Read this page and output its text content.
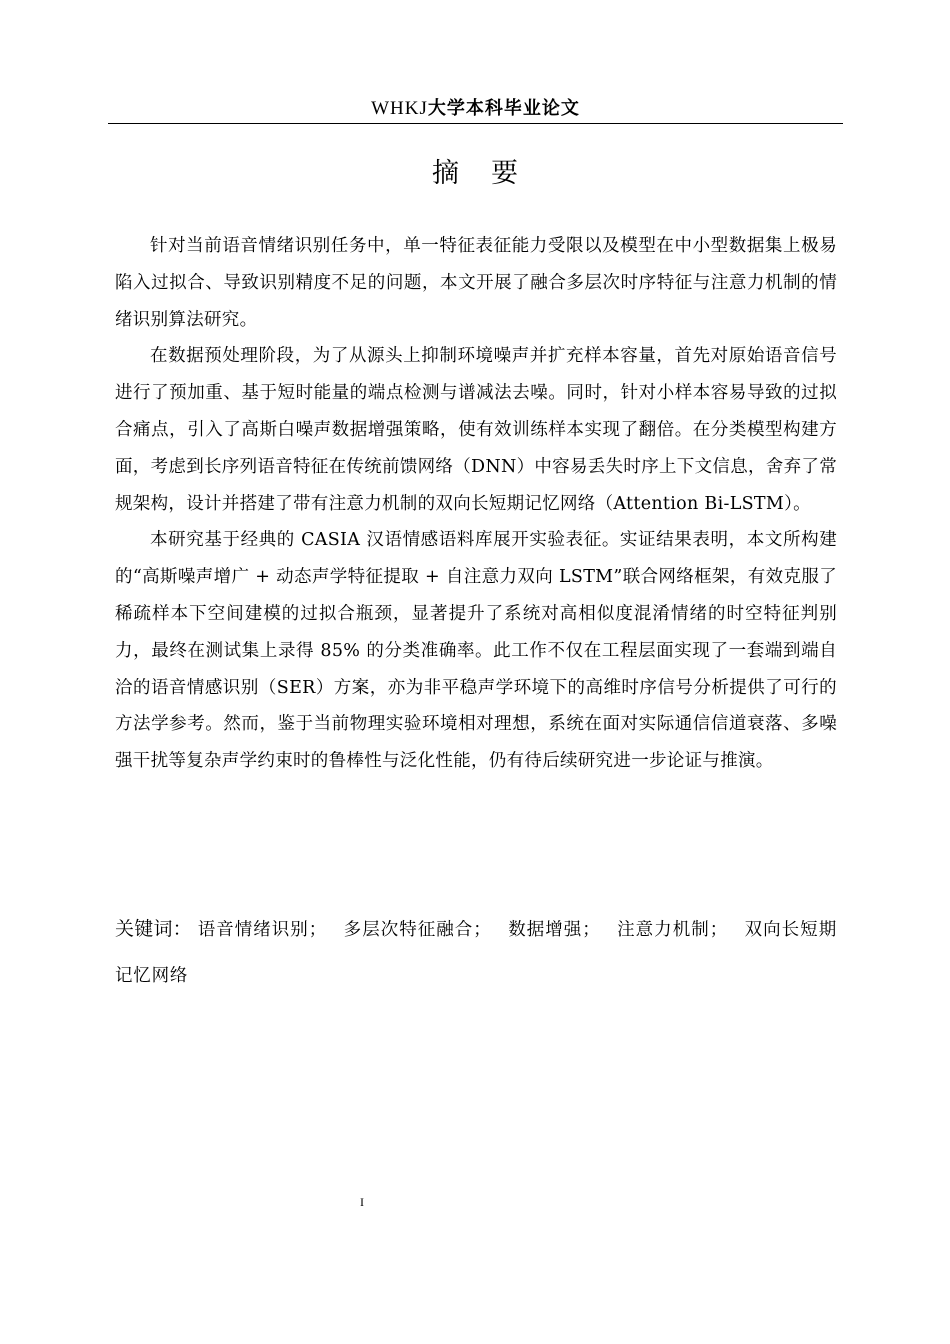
WHKJ大学本科毕业论文
摘要

针对当前语音情绪识别任务中，单一特征表征能力受限以及模型在中小型数据集上极易陷入过拟合、导致识别精度不足的问题，本文开展了融合多层次时序特征与注意力机制的情绪识别算法研究。

在数据预处理阶段，为了从源头上抑制环境噪声并扩充样本容量，首先对原始语音信号进行了预加重、基于短时能量的端点检测与谱减法去噪。同时，针对小样本容易导致的过拟合痛点，引入了高斯白噪声数据增强策略，使有效训练样本实现了翻倍。在分类模型构建方面，考虑到长序列语音特征在传统前馈网络（DNN）中容易丢失时序上下文信息，舍弃了常规架构，设计并搭建了带有注意力机制的双向长短期记忆网络（Attention Bi-LSTM）。

本研究基于经典的 CASIA 汉语情感语料库展开实验表征。实证结果表明，本文所构建的“高斯噪声增广 + 动态声学特征提取 + 自注意力双向 LSTM”联合网络框架，有效克服了稀疏样本下空间建模的过拟合瓶颈，显著提升了系统对高相似度混淆情绪的时空特征判别力，最终在测试集上录得 85% 的分类准确率。此工作不仅在工程层面实现了一套端到端自洽的语音情感识别（SER）方案，亦为非平稳声学环境下的高维时序信号分析提供了可行的方法学参考。然而，鉴于当前物理实验环境相对理想，系统在面对实际通信信道衰落、多噪强干扰等复杂声学约束时的鲁棒性与泛化性能，仍有待后续研究进一步论证与推演。

关键词： 语音情绪识别； 多层次特征融合； 数据增强； 注意力机制； 双向长短期记忆网络
I
